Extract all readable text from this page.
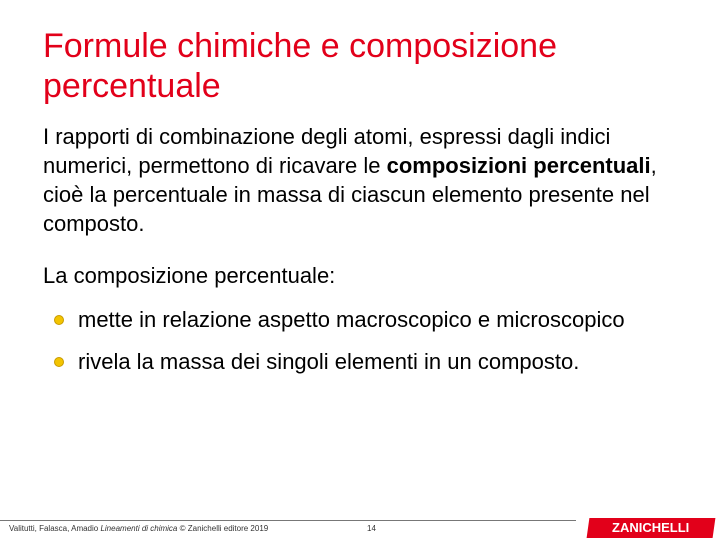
Formule chimiche e composizione percentuale

I rapporti di combinazione degli atomi, espressi dagli indici numerici, permettono di ricavare le composizioni percentuali, cioè la percentuale in massa di ciascun elemento presente nel composto.

La composizione percentuale:

mette in relazione aspetto macroscopico e microscopico
rivela la massa dei singoli elementi in un composto.
Valitutti, Falasca, Amadio Lineamenti di chimica © Zanichelli editore 2019	14	ZANICHELLI
